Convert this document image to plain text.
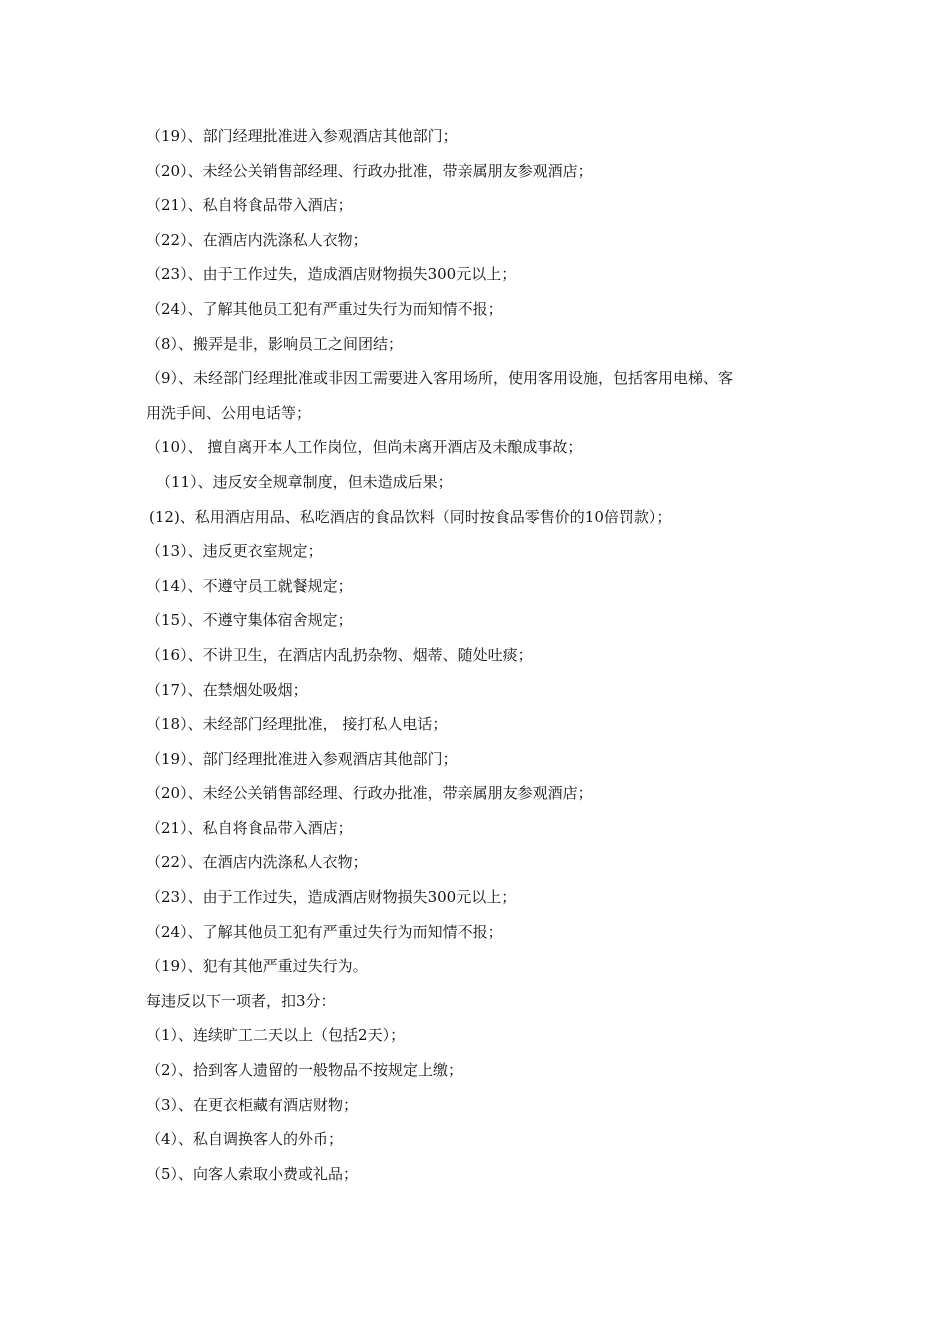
（19）、部门经理批准进入参观酒店其他部门；
（20）、未经公关销售部经理、行政办批准，带亲属朋友参观酒店；
（21）、私自将食品带入酒店；
（22）、在酒店内洗涤私人衣物；
（23）、由于工作过失，造成酒店财物损失300元以上；
（24）、了解其他员工犯有严重过失行为而知情不报；
（8）、搬弄是非，影响员工之间团结；
（9）、未经部门经理批准或非因工需要进入客用场所，使用客用设施，包括客用电梯、客
用洗手间、公用电话等；
（10）、 擅自离开本人工作岗位，但尚未离开酒店及未酿成事故；
（11）、违反安全规章制度，但未造成后果；
(12)、私用酒店用品、私吃酒店的食品饮料（同时按食品零售价的10倍罚款）；
（13）、违反更衣室规定；
（14）、不遵守员工就餐规定；
（15）、不遵守集体宿舍规定；
（16）、不讲卫生，在酒店内乱扔杂物、烟蒂、随处吐痰；
（17）、在禁烟处吸烟；
（18）、未经部门经理批准， 接打私人电话；
（19）、部门经理批准进入参观酒店其他部门；
（20）、未经公关销售部经理、行政办批准，带亲属朋友参观酒店；
（21）、私自将食品带入酒店；
（22）、在酒店内洗涤私人衣物；
（23）、由于工作过失，造成酒店财物损失300元以上；
（24）、了解其他员工犯有严重过失行为而知情不报；
（19）、犯有其他严重过失行为。
每违反以下一项者，扣3分：
（1）、连续旷工二天以上（包括2天）；
（2）、拾到客人遗留的一般物品不按规定上缴；
（3）、在更衣柜藏有酒店财物；
（4）、私自调换客人的外币；
（5）、向客人索取小费或礼品；
